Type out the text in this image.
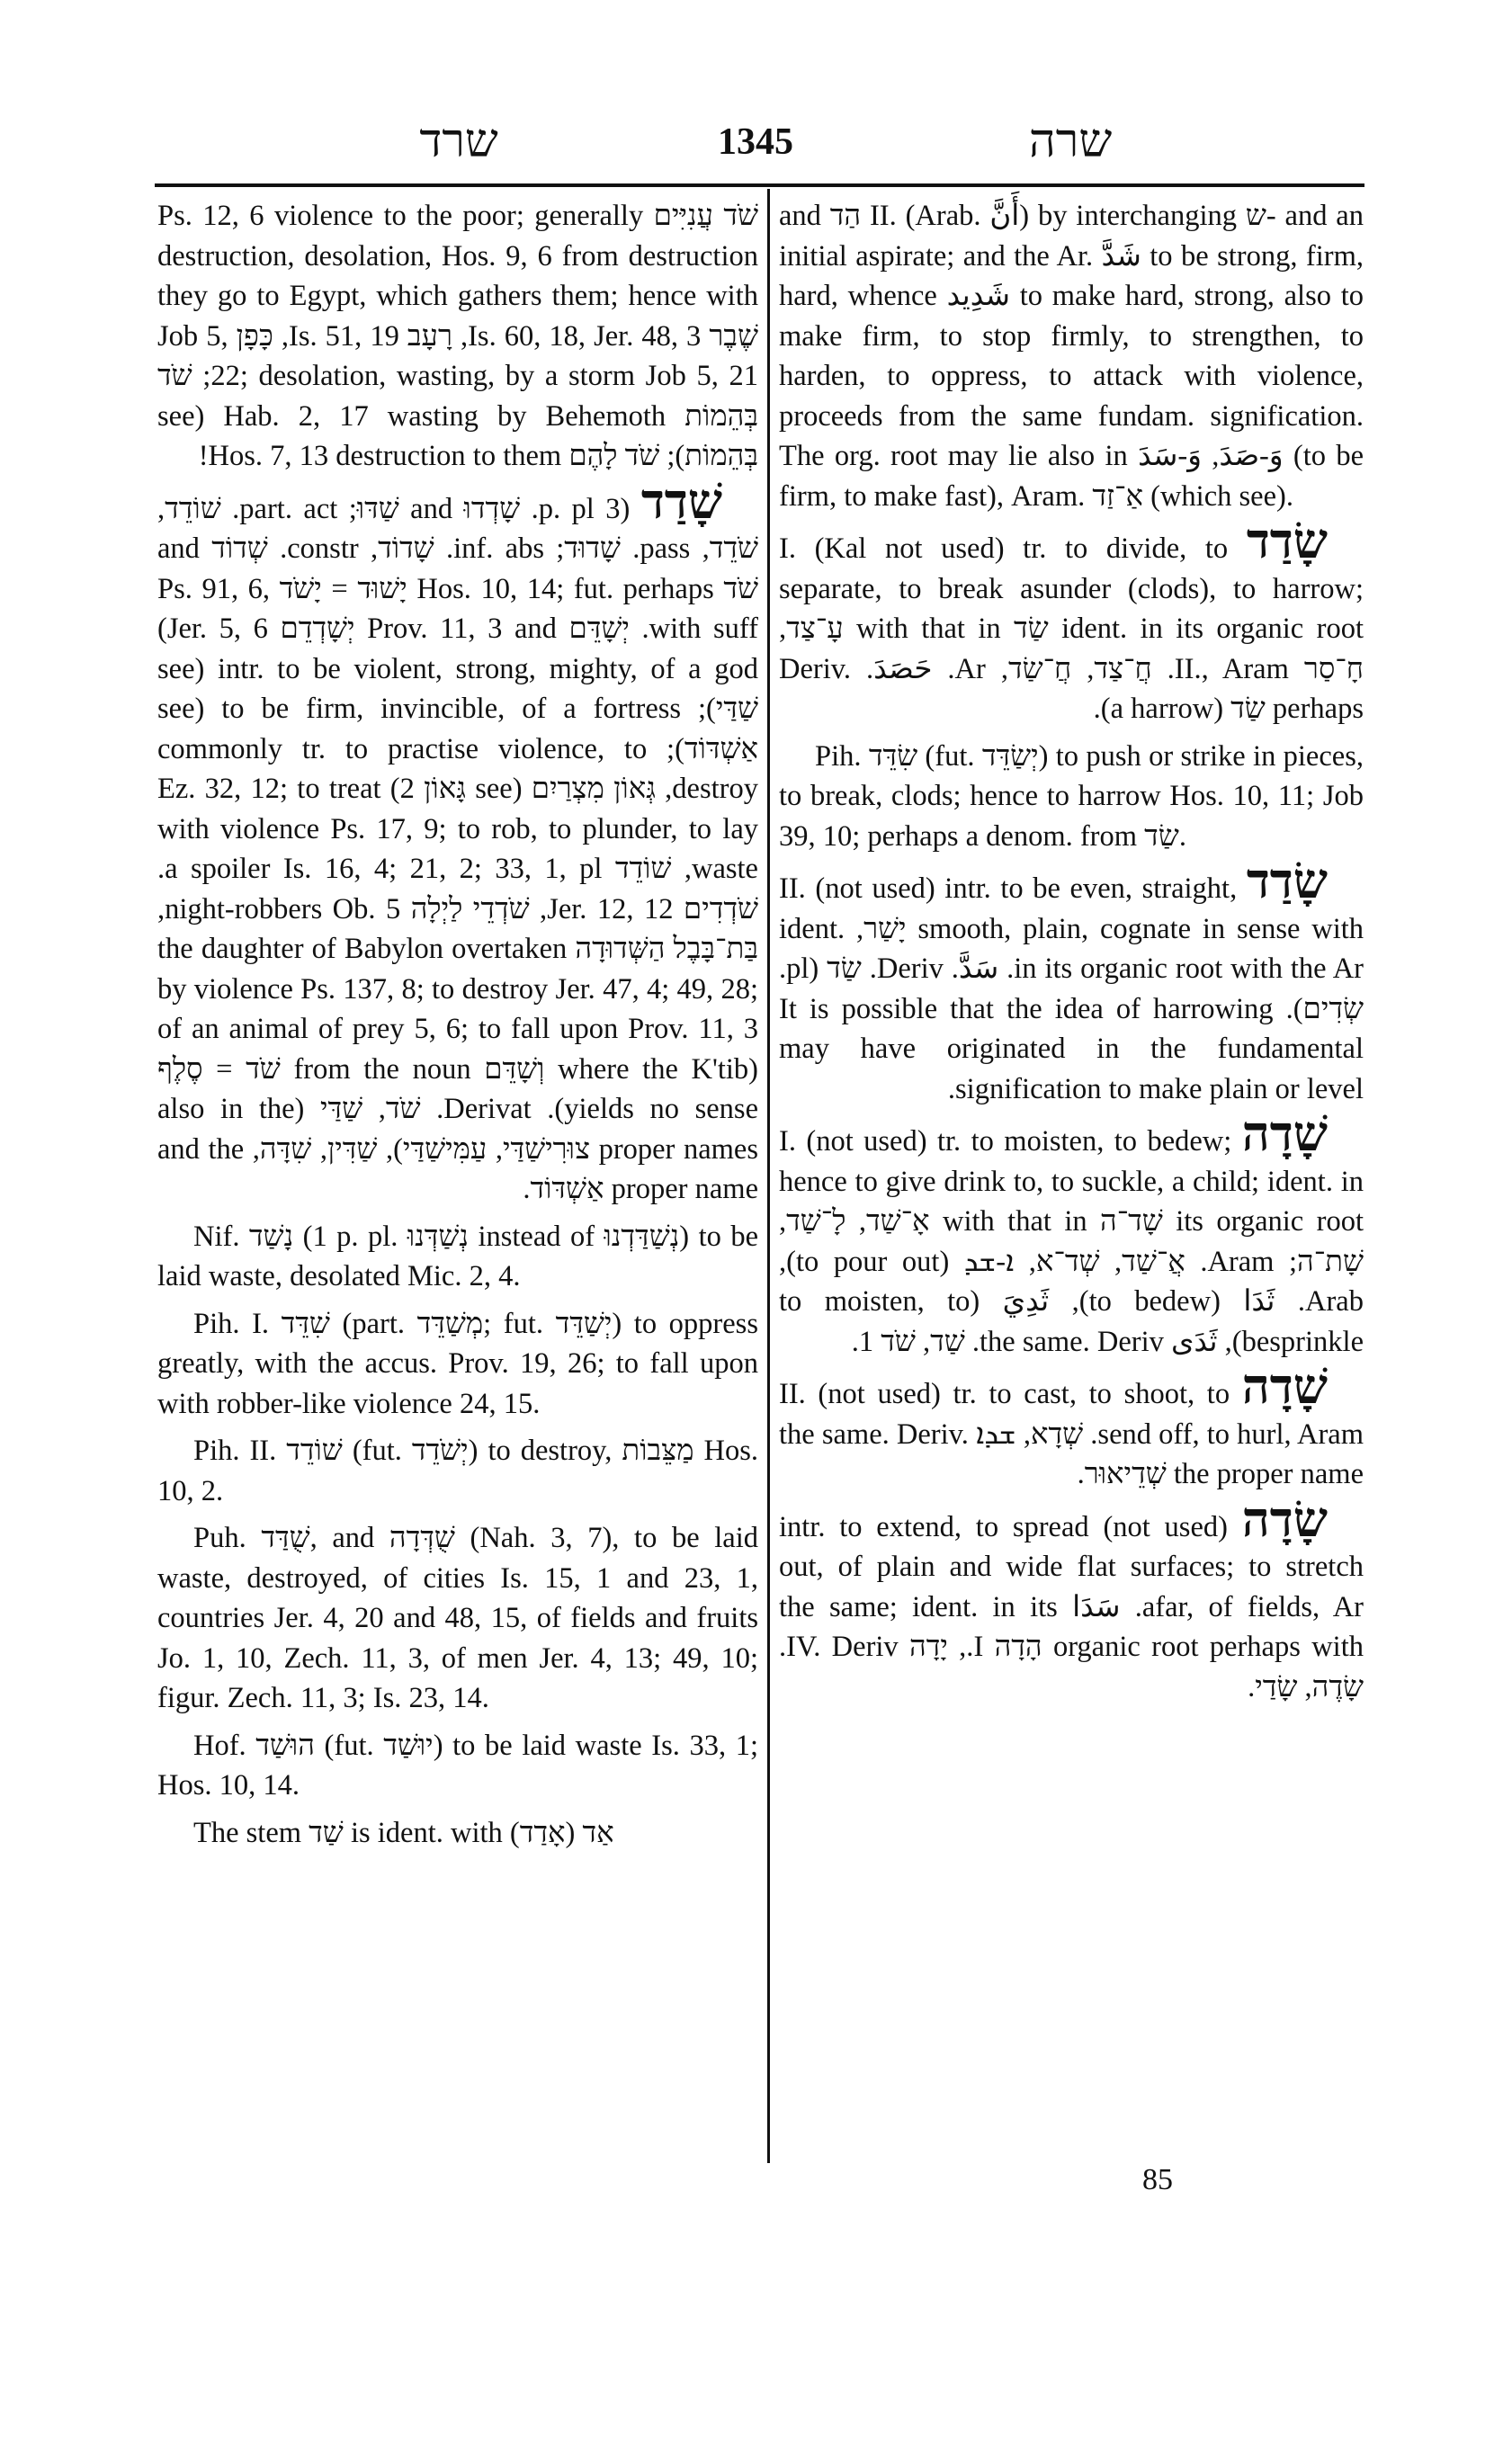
שרד	1345	שרה

שֹׁד עֲנִיִּים Ps. 12, 6 violence to the poor; generally destruction, desolation, Hos. 9, 6 from destruction they go to Egypt, which gathers them; hence with שֶׁבֶר Is. 60, 18, Jer. 48, 3, רָעָב Is. 51, 19, כָּפָן Job 5, 22; desolation, wasting, by a storm Job 5, 21; שֹׁד בְּהֵמוֹת Hab. 2, 17 wasting by Behemoth (see בְּהֵמוֹת); שֹׁד לָהֶם Hos. 7, 13 destruction to them!

שָׁדַד (3 p. pl. שָׁדְדוּ and שַׁדּוּ; part. act. שׁוֹדֵד, שֹׁדֵד, pass. שָׁדוּד; inf. abs. שָׁדוֹד, constr. שְׁדוֹד and שֹׁד Hos. 10, 14; fut. perhaps יָשׁוּד = יָשֹׁד Ps. 91, 6, with suff. יְשָׁדֵּם Prov. 11, 3 and יְשָׁדְדֵם Jer. 5, 6) intr. to be violent, strong, mighty, of a god (see שַׁדַּי); to be firm, invincible, of a fortress (see אַשְׁדּוֹד); commonly tr. to practise violence, to destroy, גְּאוֹן מִצְרַיִם (see גָּאוֹן 2) Ez. 32, 12; to treat with violence Ps. 17, 9; to rob, to plunder, to lay waste, שׁוֹדֵד a spoiler Is. 16, 4; 21, 2; 33, 1, pl. שֹׁדְדִים Jer. 12, 12, שֹׁדְדֵי לַיְלָה night-robbers Ob. 5, בַּת־בָּבֶל הַשְּׁדוּדָה the daughter of Babylon overtaken by violence Ps. 137, 8; to destroy Jer. 47, 4; 49, 28; of an animal of prey 5, 6; to fall upon Prov. 11, 3 (where the K'tib וְשָׁדֵּם from the noun שֹׁד = סֶלֶף yields no sense). Derivat. שֹׁד, שַׁדַּי (also in the proper names צוּרִישַׁדַּי, עַמִּישַׁדַּי), שַׁדִּין, שִׁדָּה, and the proper name אַשְׁדּוֹד.

Nif. נָשַׁד (1 p. pl. נְשַׁדְּנוּ instead of נְשַׁדַּדְנוּ) to be laid waste, desolated Mic. 2, 4.

Pih. I. שִׁדֵּד (part. מְשַׁדֵּד; fut. יְשַׁדֵּד) to oppress greatly, with the accus. Prov. 19, 26; to fall upon with robber-like violence 24, 15.

Pih. II. שׁוֹדֵד (fut. יְשֹׁדֵד) to destroy, מַצֵּבוֹת Hos. 10, 2.

Puh. שֻׁדַּד, and שֻׁדְּדָה (Nah. 3, 7), to be laid waste, destroyed, of cities Is. 15, 1 and 23, 1, countries Jer. 4, 20 and 48, 15, of fields and fruits Jo. 1, 10, Zech. 11, 3, of men Jer. 4, 13; 49, 10; figur. Zech. 11, 3; Is. 23, 14.

Hof. הוּשַׁד (fut. יוּשַׁד) to be laid waste Is. 33, 1; Hos. 10, 14.

The stem שַׁד is ident. with אַד (אָדַד)

and הַד II. (Arab. أَنَّ) by interchanging ש- and an initial aspirate; and the Ar. شَدَّ to be strong, firm, hard, whence شَدِيد to make hard, strong, also to make firm, to stop firmly, to strengthen, to harden, to oppress, to attack with violence, proceeds from the same fundam. signification. The org. root may lie also in وَ-صَدَ, وَ-سَدَ (to be firm, to make fast), Aram. אַ־זַד (which see).

שָׂדַד I. (Kal not used) tr. to divide, to separate, to break asunder (clods), to harrow; ident. in its organic root שַׂד with that in עָ־צַד, חָ־סַר II., Aram. חֲ־צַד, חֲ־שַׂד, Ar. حَصَدَ. Deriv. perhaps שַׂד (a harrow).

Pih. שִׂדֵּד (fut. יְשַׂדֵּד) to push or strike in pieces, to break, clods; hence to harrow Hos. 10, 11; Job 39, 10; perhaps a denom. from שַׂד.

שָׂדַד II. (not used) intr. to be even, straight, smooth, plain, cognate in sense with יָשַׁר, ident. in its organic root with the Ar. سَدَّ. Deriv. שַׂד (pl. שְׂדִים). It is possible that the idea of harrowing may have originated in the fundamental signification to make plain or level.

שָׁדָה I. (not used) tr. to moisten, to bedew; hence to give drink to, to suckle, a child; ident. in its organic root שָׁד־ה with that in אָ־שַׁד, לָ־שַׁד, שָׁת־ה; Aram. אֲ־שַׁד, שְׁד־א, ܐ-ܫܕ (to pour out), Arab. ثَدَا (to bedew), ثَدِيَ (to moisten, to besprinkle), ثَدَى the same. Deriv. שַׁד, שֹׁד 1.

שָׁדָה II. (not used) tr. to cast, to shoot, to send off, to hurl, Aram. שְׁדָא, ܫܕܐ the same. Deriv. the proper name שְׁדֵיאוּר.

שָׂדָה (not used) intr. to extend, to spread out, of plain and wide flat surfaces; to stretch afar, of fields, Ar. سَدَا the same; ident. in its organic root perhaps with הָדָה I., יָדָה IV. Deriv. שָׂדֶה, שָׂדַי.

85
